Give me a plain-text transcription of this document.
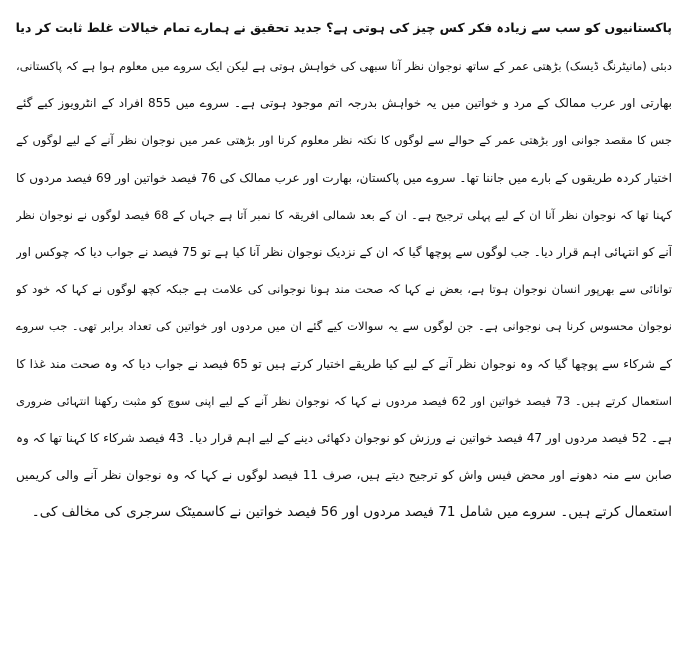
پاکستانیوں کو سب سے زیادہ فکر کس چیز کی ہوتی ہے؟ جدید تحقیق نے ہمارے تمام خیالات غلط ثابت کر دیا
دبئی (مانیٹرنگ ڈیسک) بڑھتی عمر کے ساتھ نوجوان نظر آنا سبھی کی خواہش ہوتی ہے لیکن ایک سروے میں معلوم ہوا ہے کہ پاکستانی،
بھارتی اور عرب ممالک کے مرد و خواتین میں یہ خواہش بدرجہ اتم موجود ہوتی ہے۔ سروے میں 855 افراد کے انٹرویوز کیے گئے
جس کا مقصد جوانی اور بڑھتی عمر کے حوالے سے لوگوں کا نکتہ نظر معلوم کرنا اور بڑھتی عمر میں نوجوان نظر آنے کے لیے لوگوں کے
اختیار کردہ طریقوں کے بارے میں جاننا تھا۔ سروے میں پاکستان، بھارت اور عرب ممالک کی 76 فیصد خواتین اور 69 فیصد مردوں کا
کہنا تھا کہ نوجوان نظر آنا ان کے لیے پہلی ترجیح ہے۔ ان کے بعد شمالی افریقہ کا نمبر آتا ہے جہاں کے 68 فیصد لوگوں نے نوجوان نظر
آنے کو انتہائی اہم قرار دیا۔ جب لوگوں سے پوچھا گیا کہ ان کے نزدیک نوجوان نظر آنا کیا ہے تو 75 فیصد نے جواب دیا کہ چوکس اور
توانائی سے بھرپور انسان نوجوان ہوتا ہے، بعض نے کہا کہ صحت مند ہونا نوجوانی کی علامت ہے جبکہ کچھ لوگوں نے کہا کہ خود کو
نوجوان محسوس کرنا ہی نوجوانی ہے۔ جن لوگوں سے یہ سوالات کیے گئے ان میں مردوں اور خواتین کی تعداد برابر تھی۔ جب سروے
کے شرکاء سے پوچھا گیا کہ وہ نوجوان نظر آنے کے لیے کیا طریقے اختیار کرتے ہیں تو 65 فیصد نے جواب دیا کہ وہ صحت مند غذا کا
استعمال کرتے ہیں۔ 73 فیصد خواتین اور 62 فیصد مردوں نے کہا کہ نوجوان نظر آنے کے لیے اپنی سوچ کو مثبت رکھنا انتہائی ضروری
ہے۔ 52 فیصد مردوں اور 47 فیصد خواتین نے ورزش کو نوجوان دکھائی دینے کے لیے اہم قرار دیا۔ 43 فیصد شرکاء کا کہنا تھا کہ وہ
صابن سے منہ دھونے اور محض فیس واش کو ترجیح دیتے ہیں، صرف 11 فیصد لوگوں نے کہا کہ وہ نوجوان نظر آنے والی کریمیں
استعمال کرتے ہیں۔ سروے میں شامل 71 فیصد مردوں اور 56 فیصد خواتین نے کاسمیٹک سرجری کی مخالف کی۔
